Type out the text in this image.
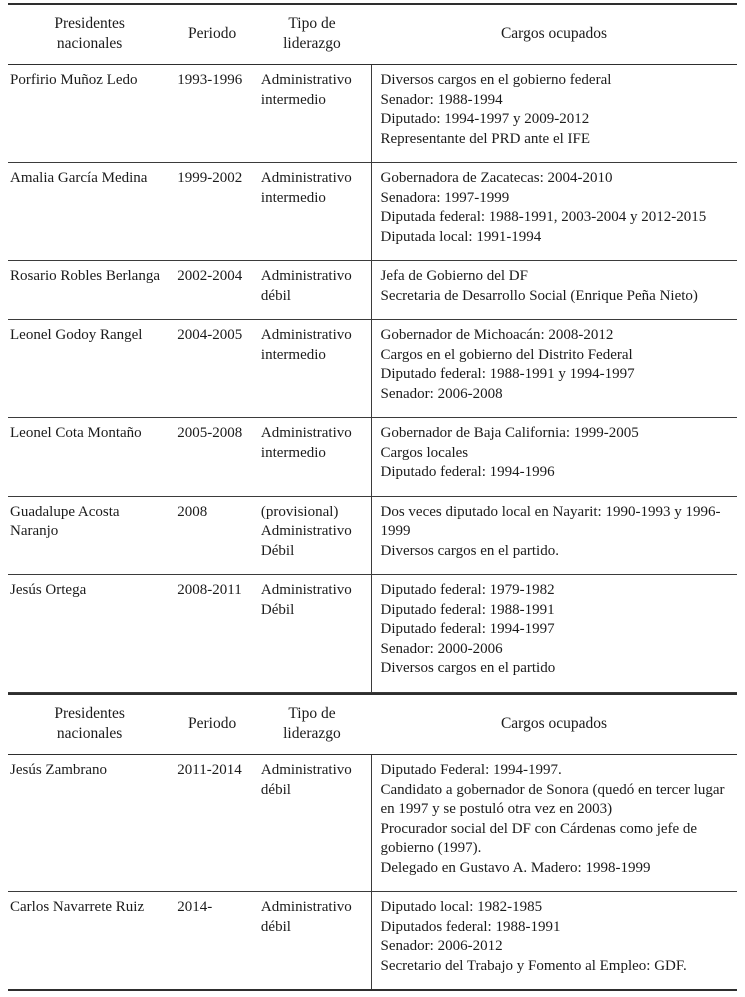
Presidentes nacionales	Periodo	Tipo de liderazgo	Cargos ocupados

Porfirio Muñoz Ledo	1993-1996	Administrativo intermedio	Diversos cargos en el gobierno federal
Senador: 1988-1994
Diputado: 1994-1997 y 2009-2012
Representante del PRD ante el IFE

Amalia García Medina	1999-2002	Administrativo intermedio	Gobernadora de Zacatecas: 2004-2010
Senadora: 1997-1999
Diputada federal: 1988-1991, 2003-2004 y 2012-2015
Diputada local: 1991-1994

Rosario Robles Berlanga	2002-2004	Administrativo débil	Jefa de Gobierno del DF
Secretaria de Desarrollo Social (Enrique Peña Nieto)

Leonel Godoy Rangel	2004-2005	Administrativo intermedio	Gobernador de Michoacán: 2008-2012
Cargos en el gobierno del Distrito Federal
Diputado federal: 1988-1991 y 1994-1997
Senador: 2006-2008

Leonel Cota Montaño	2005-2008	Administrativo intermedio	Gobernador de Baja California: 1999-2005
Cargos locales
Diputado federal: 1994-1996

Guadalupe Acosta Naranjo	2008	(provisional) Administrativo Débil	Dos veces diputado local en Nayarit: 1990-1993 y 1996-1999
Diversos cargos en el partido.

Jesús Ortega	2008-2011	Administrativo Débil	Diputado federal: 1979-1982
Diputado federal: 1988-1991
Diputado federal: 1994-1997
Senador: 2000-2006
Diversos cargos en el partido
Presidentes nacionales	Periodo	Tipo de liderazgo	Cargos ocupados

Jesús Zambrano	2011-2014	Administrativo débil	Diputado Federal: 1994-1997.
Candidato a gobernador de Sonora (quedó en tercer lugar en 1997 y se postuló otra vez en 2003)
Procurador social del DF con Cárdenas como jefe de gobierno (1997).
Delegado en Gustavo A. Madero: 1998-1999

Carlos Navarrete Ruiz	2014-	Administrativo débil	Diputado local: 1982-1985
Diputados federal: 1988-1991
Senador: 2006-2012
Secretario del Trabajo y Fomento al Empleo: GDF.
